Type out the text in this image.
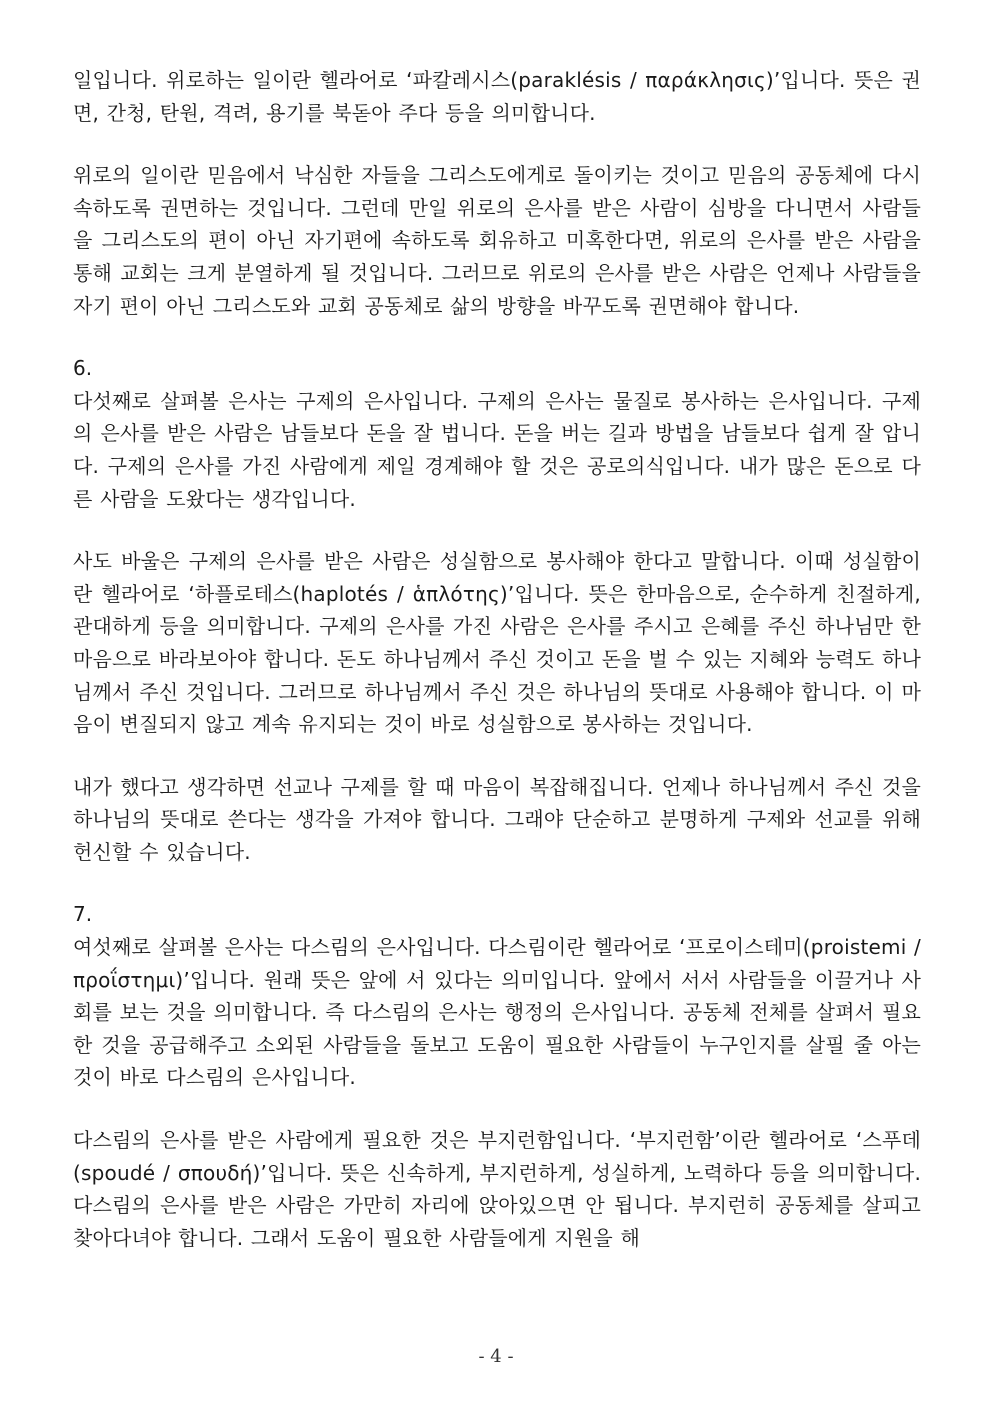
일입니다. 위로하는 일이란 헬라어로 ‘파칼레시스(paraklésis / παράκλησις)’입니다. 뜻은 권면, 간청, 탄원, 격려, 용기를 북돋아 주다 등을 의미합니다.

위로의 일이란 믿음에서 낙심한 자들을 그리스도에게로 돌이키는 것이고 믿음의 공동체에 다시 속하도록 권면하는 것입니다. 그런데 만일 위로의 은사를 받은 사람이 심방을 다니면서 사람들을 그리스도의 편이 아닌 자기편에 속하도록 회유하고 미혹한다면, 위로의 은사를 받은 사람을 통해 교회는 크게 분열하게 될 것입니다. 그러므로 위로의 은사를 받은 사람은 언제나 사람들을 자기 편이 아닌 그리스도와 교회 공동체로 삶의 방향을 바꾸도록 권면해야 합니다.

6.

다섯째로 살펴볼 은사는 구제의 은사입니다. 구제의 은사는 물질로 봉사하는 은사입니다. 구제의 은사를 받은 사람은 남들보다 돈을 잘 법니다. 돈을 버는 길과 방법을 남들보다 쉽게 잘 압니다. 구제의 은사를 가진 사람에게 제일 경계해야 할 것은 공로의식입니다. 내가 많은 돈으로 다른 사람을 도왔다는 생각입니다.

사도 바울은 구제의 은사를 받은 사람은 성실함으로 봉사해야 한다고 말합니다. 이때 성실함이란 헬라어로 ‘하플로테스(haplotés / ἁπλότης)’입니다. 뜻은 한마음으로, 순수하게 친절하게, 관대하게 등을 의미합니다. 구제의 은사를 가진 사람은 은사를 주시고 은혜를 주신 하나님만 한 마음으로 바라보아야 합니다. 돈도 하나님께서 주신 것이고 돈을 벌 수 있는 지혜와 능력도 하나님께서 주신 것입니다. 그러므로 하나님께서 주신 것은 하나님의 뜻대로 사용해야 합니다. 이 마음이 변질되지 않고 계속 유지되는 것이 바로 성실함으로 봉사하는 것입니다.

내가 했다고 생각하면 선교나 구제를 할 때 마음이 복잡해집니다. 언제나 하나님께서 주신 것을 하나님의 뜻대로 쓴다는 생각을 가져야 합니다. 그래야 단순하고 분명하게 구제와 선교를 위해 헌신할 수 있습니다.

7.

여섯째로 살펴볼 은사는 다스림의 은사입니다. 다스림이란 헬라어로 ‘프로이스테미(proistemi / προΐστημι)’입니다. 원래 뜻은 앞에 서 있다는 의미입니다. 앞에서 서서 사람들을 이끌거나 사회를 보는 것을 의미합니다. 즉 다스림의 은사는 행정의 은사입니다. 공동체 전체를 살펴서 필요한 것을 공급해주고 소외된 사람들을 돌보고 도움이 필요한 사람들이 누구인지를 살필 줄 아는 것이 바로 다스림의 은사입니다.

다스림의 은사를 받은 사람에게 필요한 것은 부지런함입니다. ‘부지런함’이란 헬라어로 ‘스푸데(spoudé / σπουδή)’입니다. 뜻은 신속하게, 부지런하게, 성실하게, 노력하다 등을 의미합니다. 다스림의 은사를 받은 사람은 가만히 자리에 앉아있으면 안 됩니다. 부지런히 공동체를 살피고 찾아다녀야 합니다. 그래서 도움이 필요한 사람들에게 지원을 해

- 4 -
